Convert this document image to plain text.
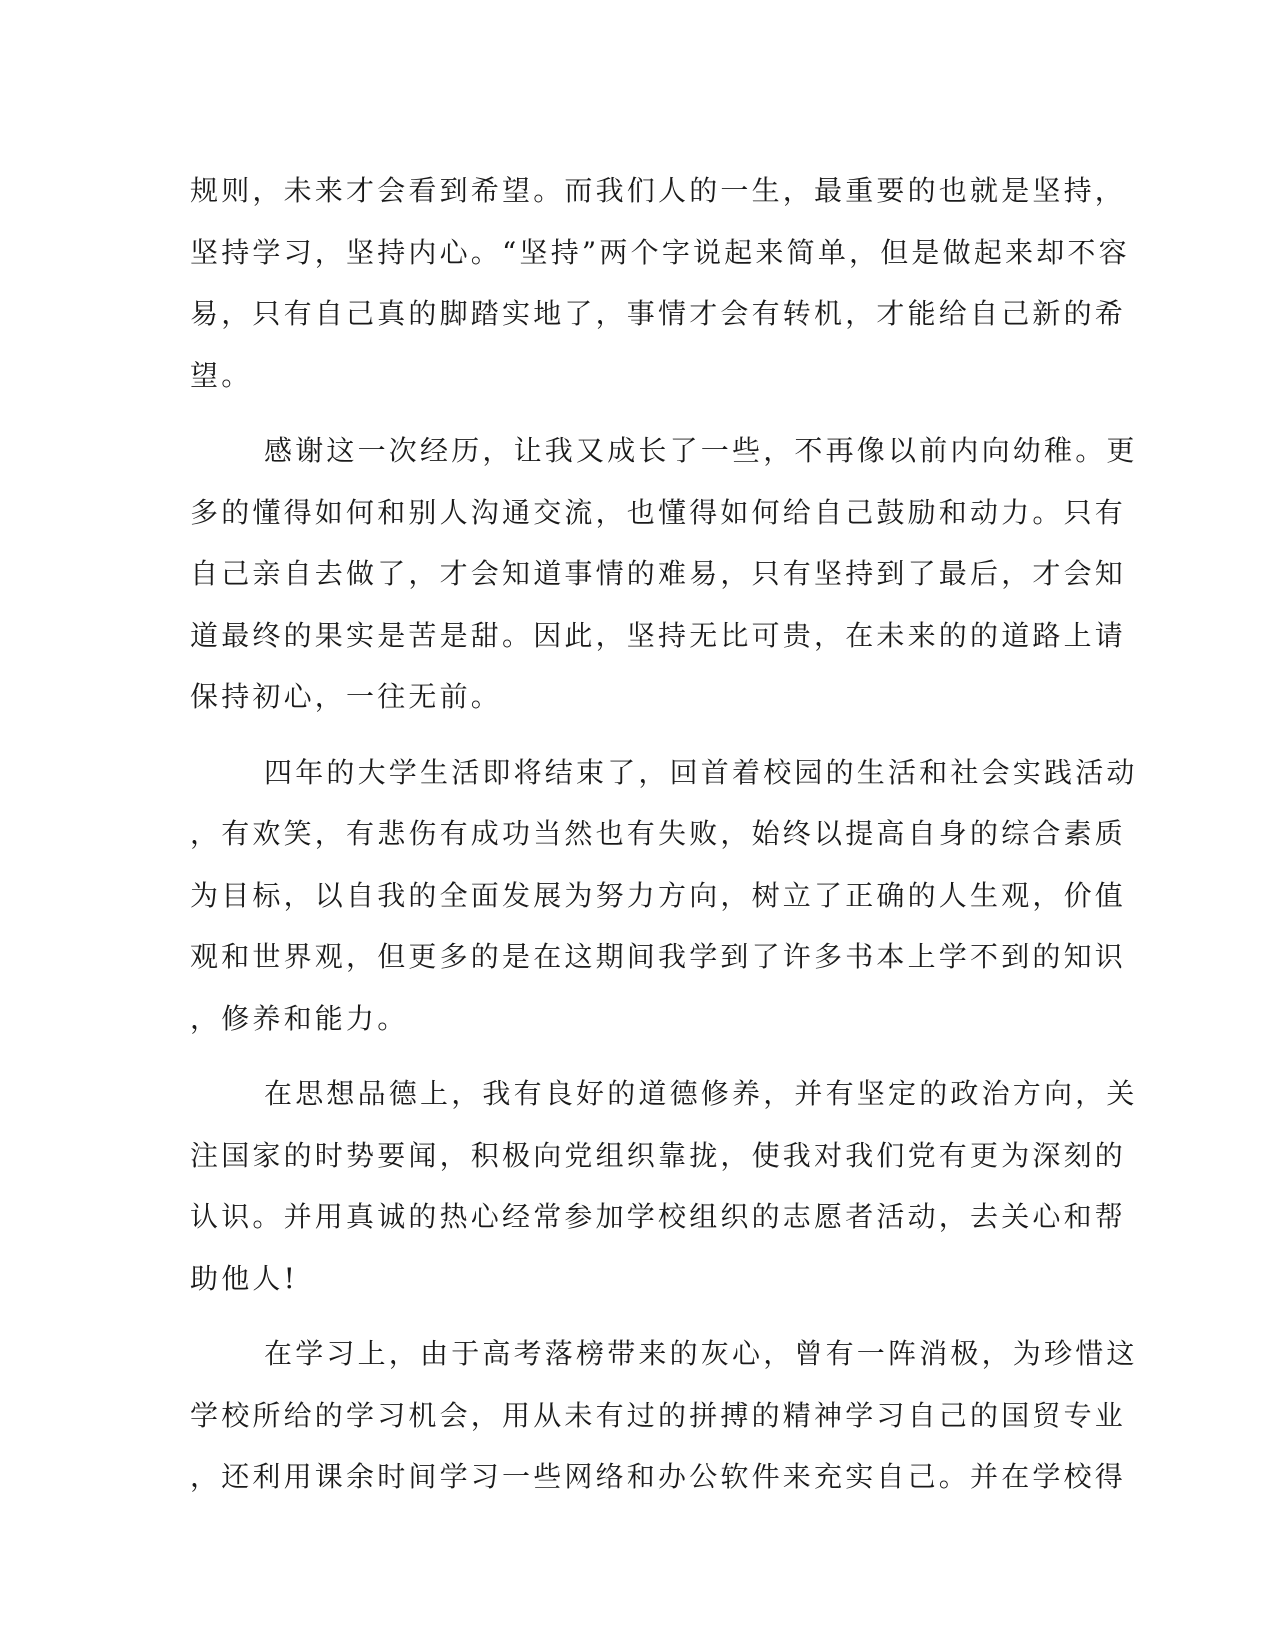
规则，未来才会看到希望。而我们人的一生，最重要的也就是坚持，
坚持学习，坚持内心。“坚持”两个字说起来简单，但是做起来却不容
易，只有自己真的脚踏实地了，事情才会有转机，才能给自己新的希
望。
感谢这一次经历，让我又成长了一些，不再像以前内向幼稚。更
多的懂得如何和别人沟通交流，也懂得如何给自己鼓励和动力。只有
自己亲自去做了，才会知道事情的难易，只有坚持到了最后，才会知
道最终的果实是苦是甜。因此，坚持无比可贵，在未来的的道路上请
保持初心，一往无前。
四年的大学生活即将结束了，回首着校园的生活和社会实践活动
，有欢笑，有悲伤有成功当然也有失败，始终以提高自身的综合素质
为目标，以自我的全面发展为努力方向，树立了正确的人生观，价值
观和世界观，但更多的是在这期间我学到了许多书本上学不到的知识
，修养和能力。
在思想品德上，我有良好的道德修养，并有坚定的政治方向，关
注国家的时势要闻，积极向党组织靠拢，使我对我们党有更为深刻的
认识。并用真诚的热心经常参加学校组织的志愿者活动，去关心和帮
助他人!
在学习上，由于高考落榜带来的灰心，曾有一阵消极，为珍惜这
学校所给的学习机会，用从未有过的拼搏的精神学习自己的国贸专业
，还利用课余时间学习一些网络和办公软件来充实自己。并在学校得
